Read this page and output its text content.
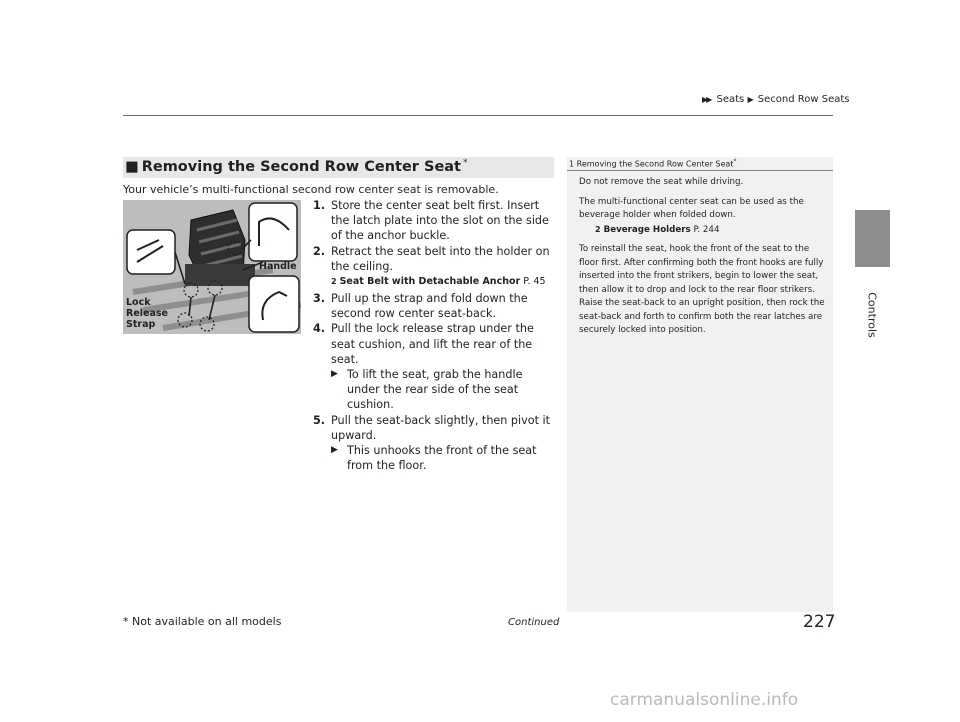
▶▶ Seats ▶ Second Row Seats
Controls
■ Removing the Second Row Center Seat *
Your vehicle’s multi-functional second row center seat is removable.
Handle
Lock
Release
Strap

1. Store the center seat belt first. Insert the latch plate into the slot on the side of the anchor buckle.

2. Retract the seat belt into the holder on the ceiling.

2 Seat Belt with Detachable Anchor P. 45

3. Pull up the strap and fold down the second row center seat-back.

4. Pull the lock release strap under the seat cushion, and lift the rear of the seat.

▶ To lift the seat, grab the handle under the rear side of the seat cushion.

5. Pull the seat-back slightly, then pivot it upward.

▶ This unhooks the front of the seat from the floor.

1 Removing the Second Row Center Seat*

Do not remove the seat while driving.

The multi-functional center seat can be used as the beverage holder when folded down.

2 Beverage Holders P. 244

To reinstall the seat, hook the front of the seat to the floor first. After confirming both the front hooks are fully inserted into the front strikers, begin to lower the seat, then allow it to drop and lock to the rear floor strikers. Raise the seat-back to an upright position, then rock the seat-back and forth to confirm both the rear latches are securely locked into position.

* Not available on all models	Continued	227
carmanualsonline.info
